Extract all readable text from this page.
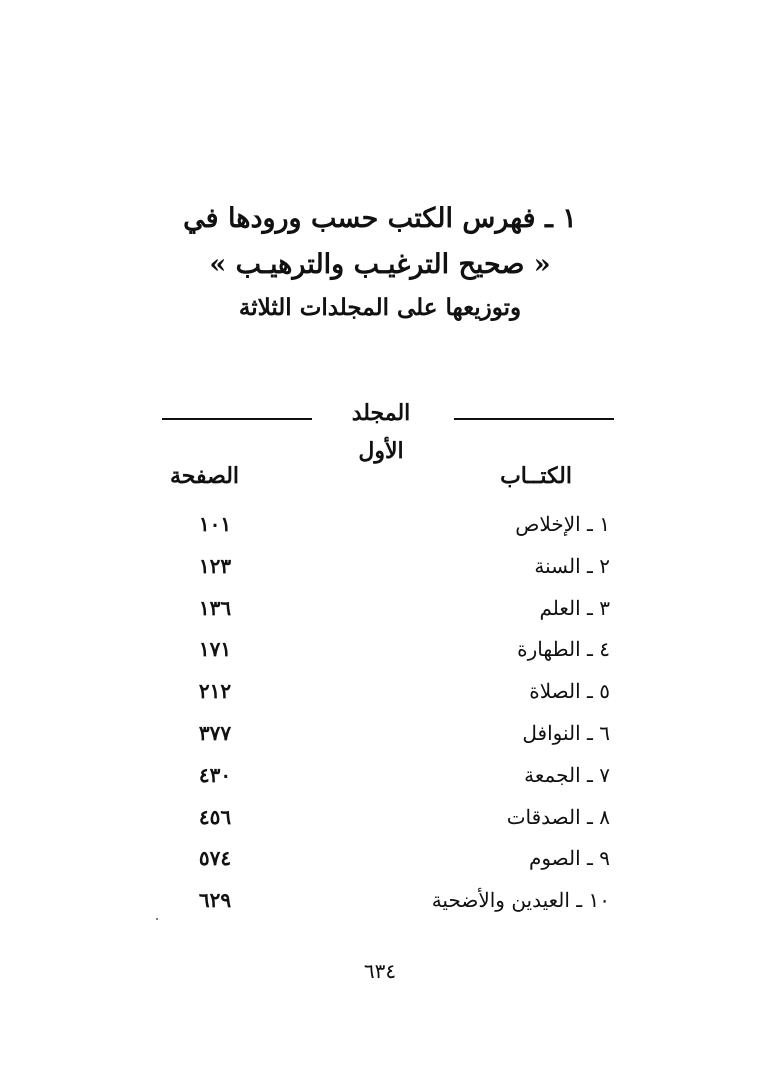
١ ـ فهرس الكتب حسب ورودها في
« صحيح الترغيـب والترهيـب »
وتوزيعها على المجلدات الثلاثة
المجلد الأول
الكتــاب
الصفحة
١ ـ الإخلاص
١٠١
٢ ـ السنة
١٢٣
٣ ـ العلم
١٣٦
٤ ـ الطهارة
١٧١
٥ ـ الصلاة
٢١٢
٦ ـ النوافل
٣٧٧
٧ ـ الجمعة
٤٣٠
٨ ـ الصدقات
٤٥٦
٩ ـ الصوم
٥٧٤
١٠ ـ العيدين والأضحية
٦٢٩
٦٣٤
